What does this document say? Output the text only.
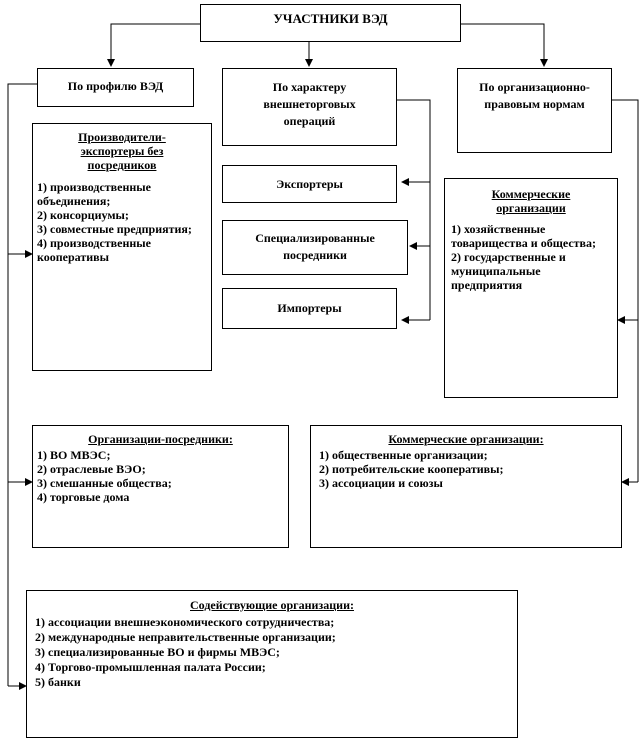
УЧАСТНИКИ ВЭД
По профилю ВЭД	По характеру внешнеторговых операций
По организационно-правовым нормам
Экспортеры
Специализированные посредники
Импортеры
Производители-экспортеры без посредников
1) производственные объединения;
2) консорциумы;
3) совместные предприятия;
4) производственные кооперативы
Коммерческие организации
1) хозяйственные товарищества и общества;
2) государственные и муниципальные предприятия
Организации-посредники:
1) ВО МВЭС;
2) отраслевые ВЭО;
3) смешанные общества;
4) торговые дома
Коммерческие организации:
1) общественные организации;
2) потребительские кооперативы;
3) ассоциации и союзы
Содействующие организации:
1) ассоциации внешнеэкономического сотрудничества;
2) международные неправительственные организации;
3) специализированные ВО и фирмы МВЭС;
4) Торгово-промышленная палата России;
5) банки
